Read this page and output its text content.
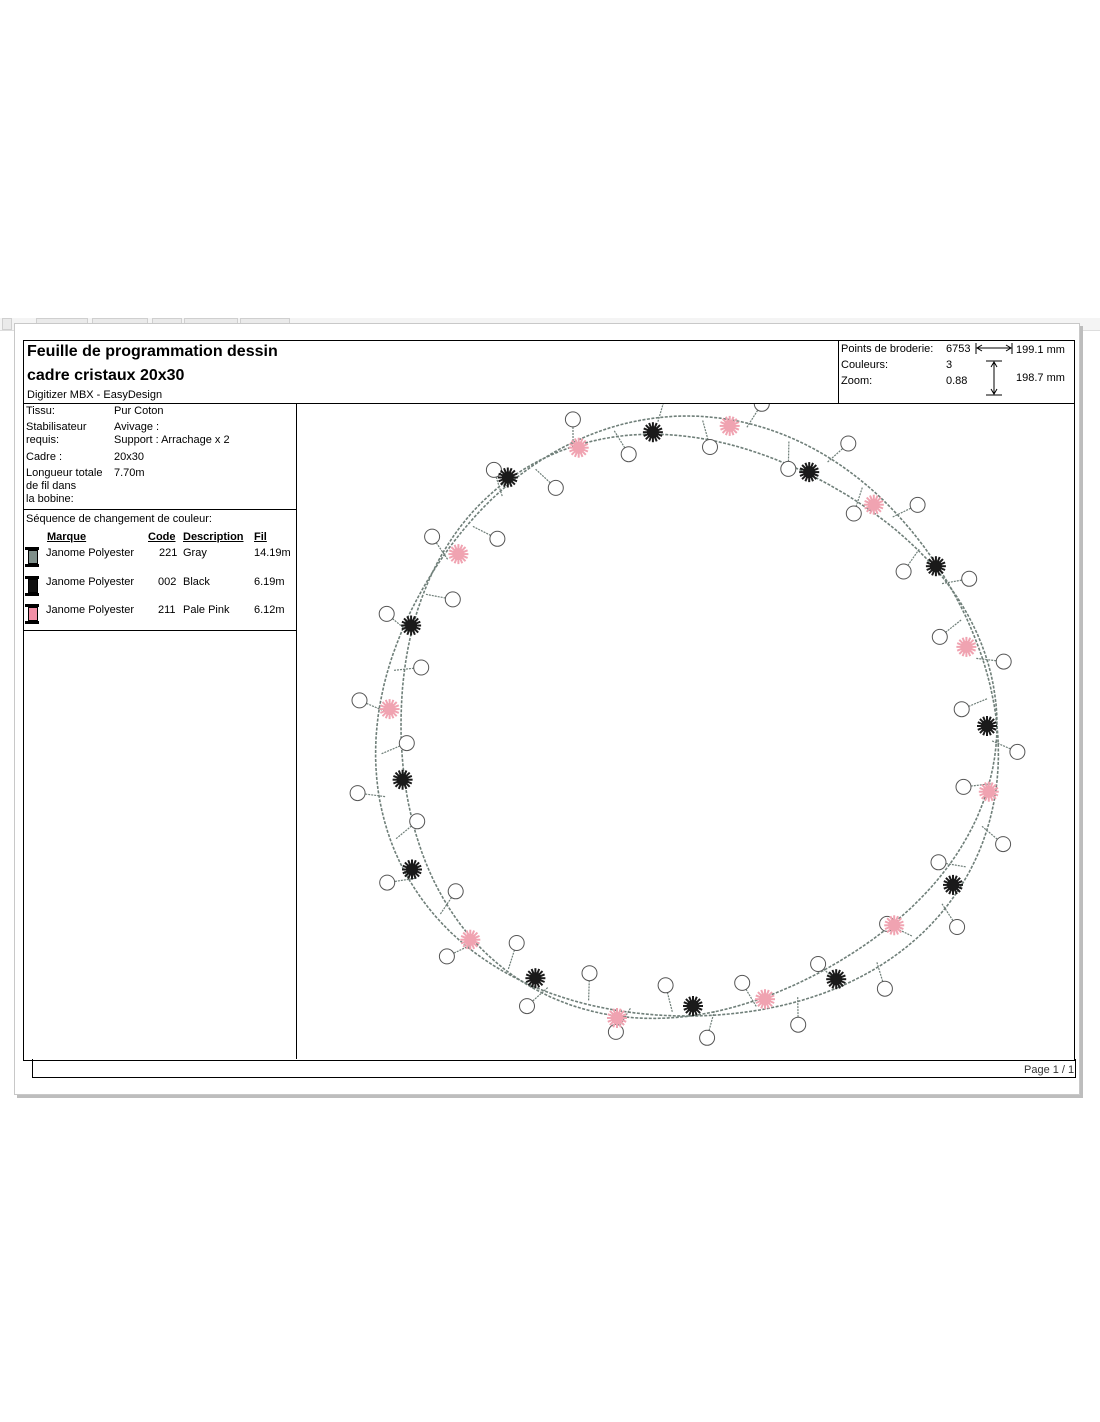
Feuille de programmation dessin
cadre cristaux 20x30
Digitizer MBX - EasyDesign
Points de broderie: 6753
Couleurs:	3
Zoom:	0.88
199.1 mm
198.7 mm
Tissu:	Pur Coton
Stabilisateur
requis:
Avivage :
Support : Arrachage x 2
Cadre :	20x30
Longueur totale
de fil dans
la bobine:
7.70m
Séquence de changement de couleur:
Marque	Code Description Fil
Janome Polyester 221 Gray	14.19m
Janome Polyester 002 Black	6.19m
Janome Polyester 211 Pale Pink 6.12m
Page 1 / 1
